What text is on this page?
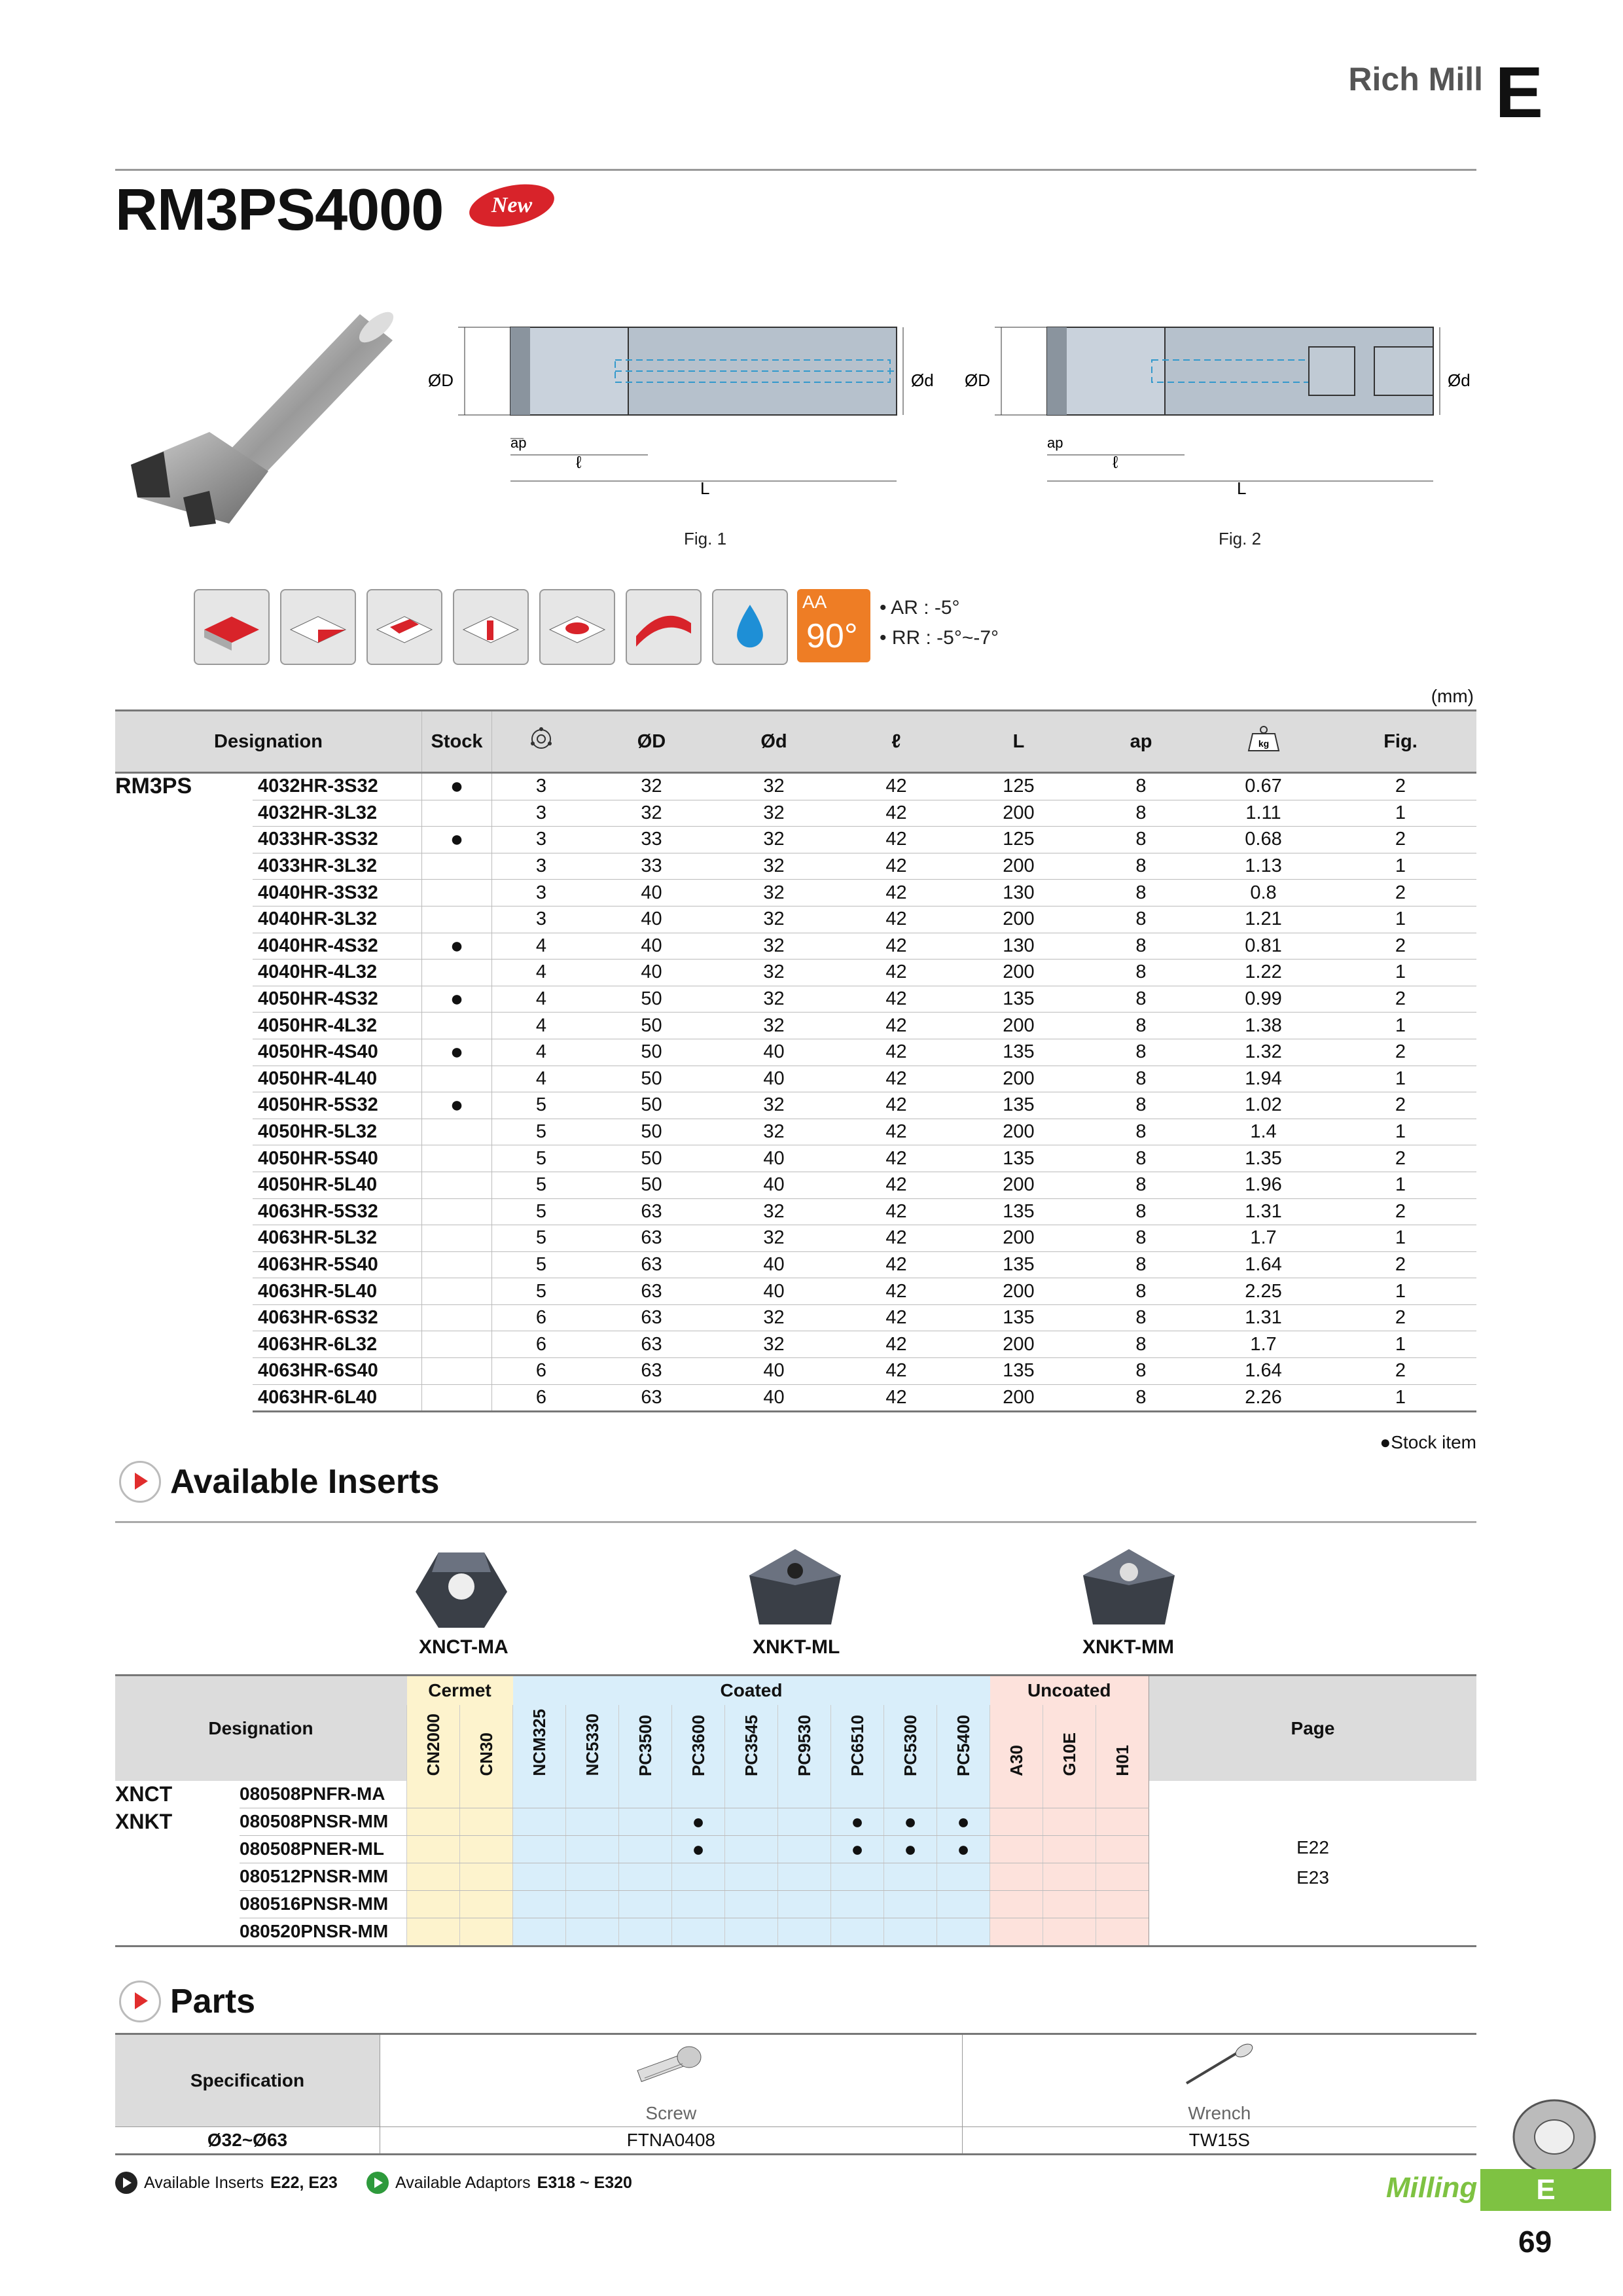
Rich Mill E
RM3PS4000 New
ØD	Ød
ap
ℓ
L
Fig. 1
ØD	Ød
ap
ℓ
L
Fig. 2
AA
90°
• AR : -5°
• RR : -5°~-7°
(mm)
Designation		Stock		ØD	Ød	ℓ	L	ap	kg	Fig.
RM3PS	4032HR-3S32	●	3	32	32	42	125	8	0.67	2
	4032HR-3L32		3	32	32	42	200	8	1.11	1
	4033HR-3S32	●	3	33	32	42	125	8	0.68	2
	4033HR-3L32		3	33	32	42	200	8	1.13	1
	4040HR-3S32		3	40	32	42	130	8	0.8	2
	4040HR-3L32		3	40	32	42	200	8	1.21	1
	4040HR-4S32	●	4	40	32	42	130	8	0.81	2
	4040HR-4L32		4	40	32	42	200	8	1.22	1
	4050HR-4S32	●	4	50	32	42	135	8	0.99	2
	4050HR-4L32		4	50	32	42	200	8	1.38	1
	4050HR-4S40	●	4	50	40	42	135	8	1.32	2
	4050HR-4L40		4	50	40	42	200	8	1.94	1
	4050HR-5S32	●	5	50	32	42	135	8	1.02	2
	4050HR-5L32		5	50	32	42	200	8	1.4	1
	4050HR-5S40		5	50	40	42	135	8	1.35	2
	4050HR-5L40		5	50	40	42	200	8	1.96	1
	4063HR-5S32		5	63	32	42	135	8	1.31	2
	4063HR-5L32		5	63	32	42	200	8	1.7	1
	4063HR-5S40		5	63	40	42	135	8	1.64	2
	4063HR-5L40		5	63	40	42	200	8	2.25	1
	4063HR-6S32		6	63	32	42	135	8	1.31	2
	4063HR-6L32		6	63	32	42	200	8	1.7	1
	4063HR-6S40		6	63	40	42	135	8	1.64	2
	4063HR-6L40		6	63	40	42	200	8	2.26	1
●Stock item
Available Inserts
XNCT-MA	XNKT-ML	XNKT-MM
Designation		Cermet		Coated									Uncoated			Page
		CN2000	CN30	NCM325	NC5330	PC3500	PC3600	PC3545	PC9530	PC6510	PC5300	PC5400	A30	G10E	H01	
XNCT	080508PNFR-MA															E22
E23

XNKT	080508PNSR-MM						●			●	●	●				
	080508PNER-ML						●			●	●	●				
	080512PNSR-MM															
	080516PNSR-MM															
	080520PNSR-MM															
Parts
Specification		
	Screw	Wrench
Ø32~Ø63	FTNA0408	TW15S
Available Inserts E22, E23	Available Adaptors E318 ~ E320	Milling	E
69
